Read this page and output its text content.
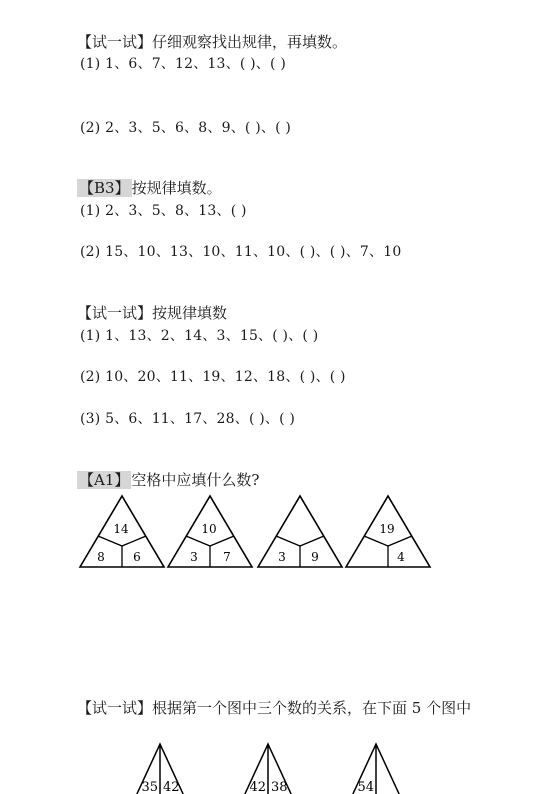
【试一试】仔细观察找出规律，再填数。
(1) 1、6、7、12、13、( )、( )
(2) 2、3、5、6、8、9、( )、( )
【B3】 按规律填数。
(1) 2、3、5、8、13、( )
(2) 15、10、13、10、11、10、( )、( )、7、10
【试一试】按规律填数
(1) 1、13、2、14、3、15、( )、( )
(2) 10、20、11、19、12、18、( )、( )
(3) 5、6、11、17、28、( )、( )
【A1】 空格中应填什么数?
14
8 6
10
3 7	3 9
19
4
【试一试】根据第一个图中三个数的关系，在下面 5 个图中
35 42	42 38	54
